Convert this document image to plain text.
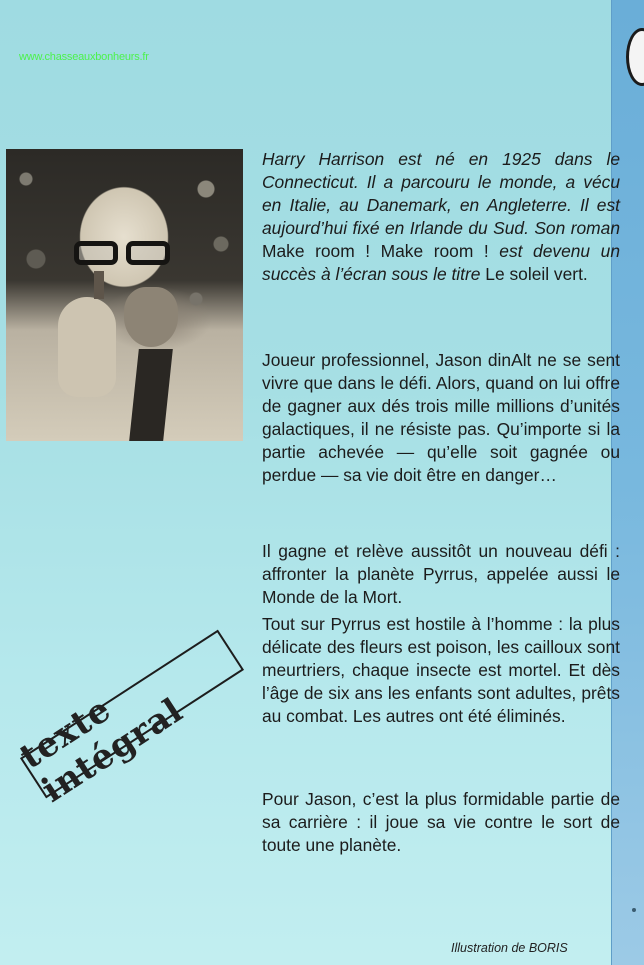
www.chasseauxbonheurs.fr
Harry Harrison est né en 1925 dans le Connecticut. Il a parcouru le monde, a vécu en Italie, au Danemark, en Angleterre. Il est aujourd’hui fixé en Irlande du Sud. Son roman Make room ! Make room ! est devenu un succès à l’écran sous le titre Le soleil vert.
Joueur professionnel, Jason dinAlt ne se sent vivre que dans le défi. Alors, quand on lui offre de gagner aux dés trois mille millions d’unités galactiques, il ne résiste pas. Qu’importe si la partie achevée — qu’elle soit gagnée ou perdue — sa vie doit être en danger…
Il gagne et relève aussitôt un nouveau défi : affronter la planète Pyrrus, appelée aussi le Monde de la Mort.
Tout sur Pyrrus est hostile à l’homme : la plus délicate des fleurs est poison, les cailloux sont meurtriers, chaque insecte est mortel. Et dès l’âge de six ans les enfants sont adultes, prêts au combat. Les autres ont été éliminés.
Pour Jason, c’est la plus formidable partie de sa carrière : il joue sa vie contre le sort de toute une planète.
texte intégral
Illustration de BORIS
